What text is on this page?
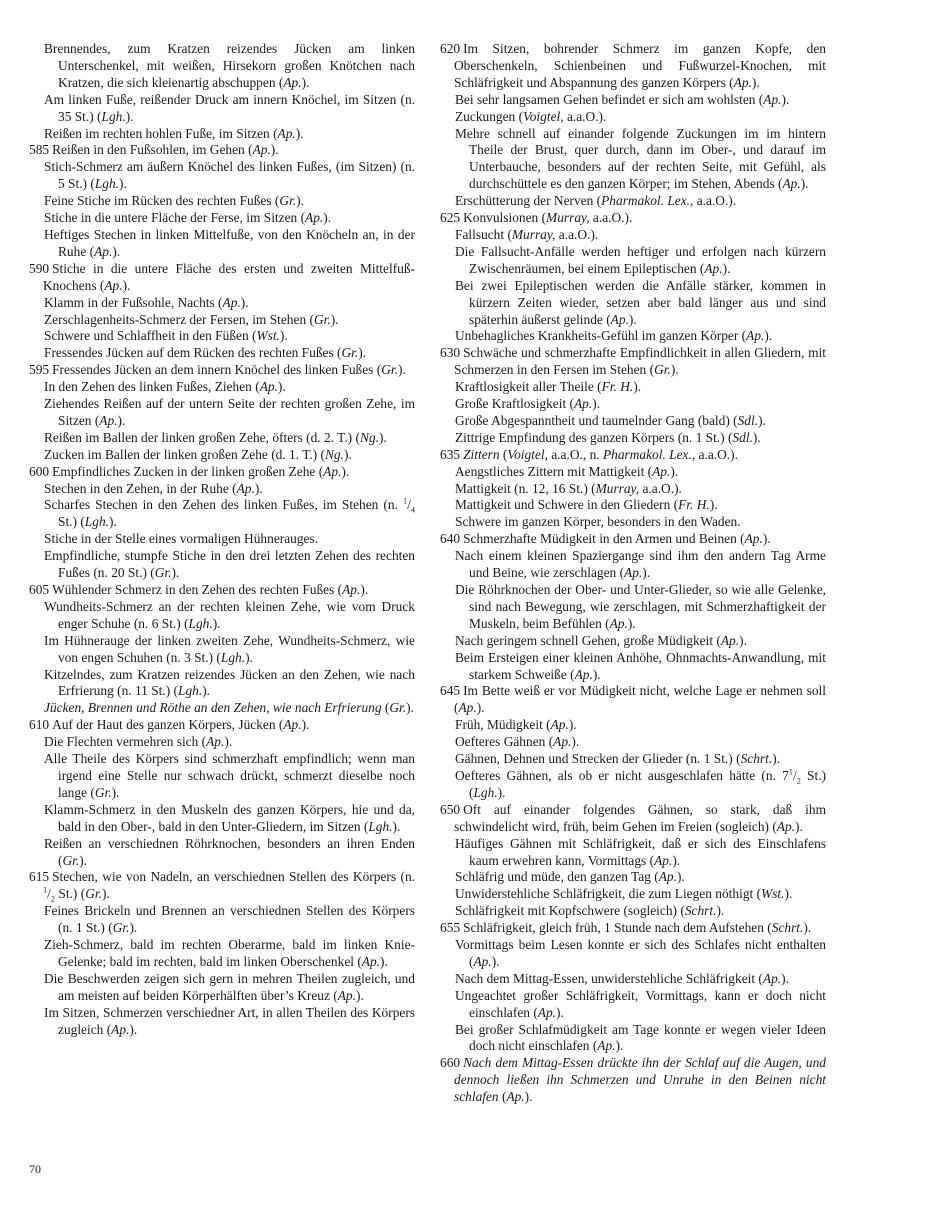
Brennendes, zum Kratzen reizendes Jücken am linken Unterschenkel, mit weißen, Hirsekorn großen Knötchen nach Kratzen, die sich kleienartig abschuppen (Ap.).

Am linken Fuße, reißender Druck am innern Knöchel, im Sitzen (n. 35 St.) (Lgh.).

Reißen im rechten hohlen Fuße, im Sitzen (Ap.).

585 Reißen in den Fußsohlen, im Gehen (Ap.).

Stich-Schmerz am äußern Knöchel des linken Fußes, (im Sitzen) (n. 5 St.) (Lgh.).

Feine Stiche im Rücken des rechten Fußes (Gr.).

Stiche in die untere Fläche der Ferse, im Sitzen (Ap.).

Heftiges Stechen in linken Mittelfuße, von den Knöcheln an, in der Ruhe (Ap.).

590 Stiche in die untere Fläche des ersten und zweiten Mittelfuß-Knochens (Ap.).

Klamm in der Fußsohle, Nachts (Ap.).

Zerschlagenheits-Schmerz der Fersen, im Stehen (Gr.).

Schwere und Schlaffheit in den Füßen (Wst.).

Fressendes Jücken auf dem Rücken des rechten Fußes (Gr.).

595 Fressendes Jücken an dem innern Knöchel des linken Fußes (Gr.).

In den Zehen des linken Fußes, Ziehen (Ap.).

Ziehendes Reißen auf der untern Seite der rechten großen Zehe, im Sitzen (Ap.).

Reißen im Ballen der linken großen Zehe, öfters (d. 2. T.) (Ng.).

Zucken im Ballen der linken großen Zehe (d. 1. T.) (Ng.).

600 Empfindliches Zucken in der linken großen Zehe (Ap.).

Stechen in den Zehen, in der Ruhe (Ap.).

Scharfes Stechen in den Zehen des linken Fußes, im Stehen (n. $^1/_4$ St.) (Lgh.).

Stiche in der Stelle eines vormaligen Hühnerauges.

Empfindliche, stumpfe Stiche in den drei letzten Zehen des rechten Fußes (n. 20 St.) (Gr.).

605 Wühlender Schmerz in den Zehen des rechten Fußes (Ap.).

Wundheits-Schmerz an der rechten kleinen Zehe, wie vom Druck enger Schuhe (n. 6 St.) (Lgh.).

Im Hühnerauge der linken zweiten Zehe, Wundheits-Schmerz, wie von engen Schuhen (n. 3 St.) (Lgh.).

Kitzelndes, zum Kratzen reizendes Jücken an den Zehen, wie nach Erfrierung (n. 11 St.) (Lgh.).

Jücken, Brennen und Röthe an den Zehen, wie nach Erfrierung (Gr.).

610 Auf der Haut des ganzen Körpers, Jücken (Ap.).

Die Flechten vermehren sich (Ap.).

Alle Theile des Körpers sind schmerzhaft empfindlich; wenn man irgend eine Stelle nur schwach drückt, schmerzt dieselbe noch lange (Gr.).

Klamm-Schmerz in den Muskeln des ganzen Körpers, hie und da, bald in den Ober-, bald in den Unter-Gliedern, im Sitzen (Lgh.).

Reißen an verschiednen Röhrknochen, besonders an ihren Enden (Gr.).

615 Stechen, wie von Nadeln, an verschiednen Stellen des Körpers (n. $^1/_2$ St.) (Gr.).

Feines Brickeln und Brennen an verschiednen Stellen des Körpers (n. 1 St.) (Gr.).

Zieh-Schmerz, bald im rechten Oberarme, bald im linken Knie-Gelenke; bald im rechten, bald im linken Oberschenkel (Ap.).

Die Beschwerden zeigen sich gern in mehren Theilen zugleich, und am meisten auf beiden Körperhälften über’s Kreuz (Ap.).

Im Sitzen, Schmerzen verschiedner Art, in allen Theilen des Körpers zugleich (Ap.).

620 Im Sitzen, bohrender Schmerz im ganzen Kopfe, den Oberschenkeln, Schienbeinen und Fußwurzel-Knochen, mit Schläfrigkeit und Abspannung des ganzen Körpers (Ap.).

Bei sehr langsamen Gehen befindet er sich am wohlsten (Ap.).

Zuckungen (Voigtel, a.a.O.).

Mehre schnell auf einander folgende Zuckungen im im hintern Theile der Brust, quer durch, dann im Ober-, und darauf im Unterbauche, besonders auf der rechten Seite, mit Gefühl, als durchschüttele es den ganzen Körper; im Stehen, Abends (Ap.).

Erschütterung der Nerven (Pharmakol. Lex., a.a.O.).

625 Konvulsionen (Murray, a.a.O.).

Fallsucht (Murray, a.a.O.).

Die Fallsucht-Anfälle werden heftiger und erfolgen nach kürzern Zwischenräumen, bei einem Epileptischen (Ap.).

Bei zwei Epileptischen werden die Anfälle stärker, kommen in kürzern Zeiten wieder, setzen aber bald länger aus und sind späterhin äußerst gelinde (Ap.).

Unbehagliches Krankheits-Gefühl im ganzen Körper (Ap.).

630 Schwäche und schmerzhafte Empfindlichkeit in allen Gliedern, mit Schmerzen in den Fersen im Stehen (Gr.).

Kraftlosigkeit aller Theile (Fr. H.).

Große Kraftlosigkeit (Ap.).

Große Abgespanntheit und taumelnder Gang (bald) (Sdl.).

Zittrige Empfindung des ganzen Körpers (n. 1 St.) (Sdl.).

635 Zittern (Voigtel, a.a.O., n. Pharmakol. Lex., a.a.O.).

Aengstliches Zittern mit Mattigkeit (Ap.).

Mattigkeit (n. 12, 16 St.) (Murray, a.a.O.).

Mattigkeit und Schwere in den Gliedern (Fr. H.).

Schwere im ganzen Körper, besonders in den Waden.

640 Schmerzhafte Müdigkeit in den Armen und Beinen (Ap.).

Nach einem kleinen Spaziergange sind ihm den andern Tag Arme und Beine, wie zerschlagen (Ap.).

Die Röhrknochen der Ober- und Unter-Glieder, so wie alle Gelenke, sind nach Bewegung, wie zerschlagen, mit Schmerzhaftigkeit der Muskeln, beim Befühlen (Ap.).

Nach geringem schnell Gehen, große Müdigkeit (Ap.).

Beim Ersteigen einer kleinen Anhöhe, Ohnmachts-Anwandlung, mit starkem Schweiße (Ap.).

645 Im Bette weiß er vor Müdigkeit nicht, welche Lage er nehmen soll (Ap.).

Früh, Müdigkeit (Ap.).

Oefteres Gähnen (Ap.).

Gähnen, Dehnen und Strecken der Glieder (n. 1 St.) (Schrt.).

Oefteres Gähnen, als ob er nicht ausgeschlafen hätte (n. $7^1/_2$ St.) (Lgh.).

650 Oft auf einander folgendes Gähnen, so stark, daß ihm schwindelicht wird, früh, beim Gehen im Freien (sogleich) (Ap.).

Häufiges Gähnen mit Schläfrigkeit, daß er sich des Einschlafens kaum erwehren kann, Vormittags (Ap.).

Schläfrig und müde, den ganzen Tag (Ap.).

Unwiderstehliche Schläfrigkeit, die zum Liegen nöthigt (Wst.).

Schläfrigkeit mit Kopfschwere (sogleich) (Schrt.).

655 Schläfrigkeit, gleich früh, 1 Stunde nach dem Aufstehen (Schrt.).

Vormittags beim Lesen konnte er sich des Schlafes nicht enthalten (Ap.).

Nach dem Mittag-Essen, unwiderstehliche Schläfrigkeit (Ap.).

Ungeachtet großer Schläfrigkeit, Vormittags, kann er doch nicht einschlafen (Ap.).

Bei großer Schlafmüdigkeit am Tage konnte er wegen vieler Ideen doch nicht einschlafen (Ap.).

660 Nach dem Mittag-Essen drückte ihn der Schlaf auf die Augen, und dennoch ließen ihn Schmerzen und Unruhe in den Beinen nicht schlafen (Ap.).

70
